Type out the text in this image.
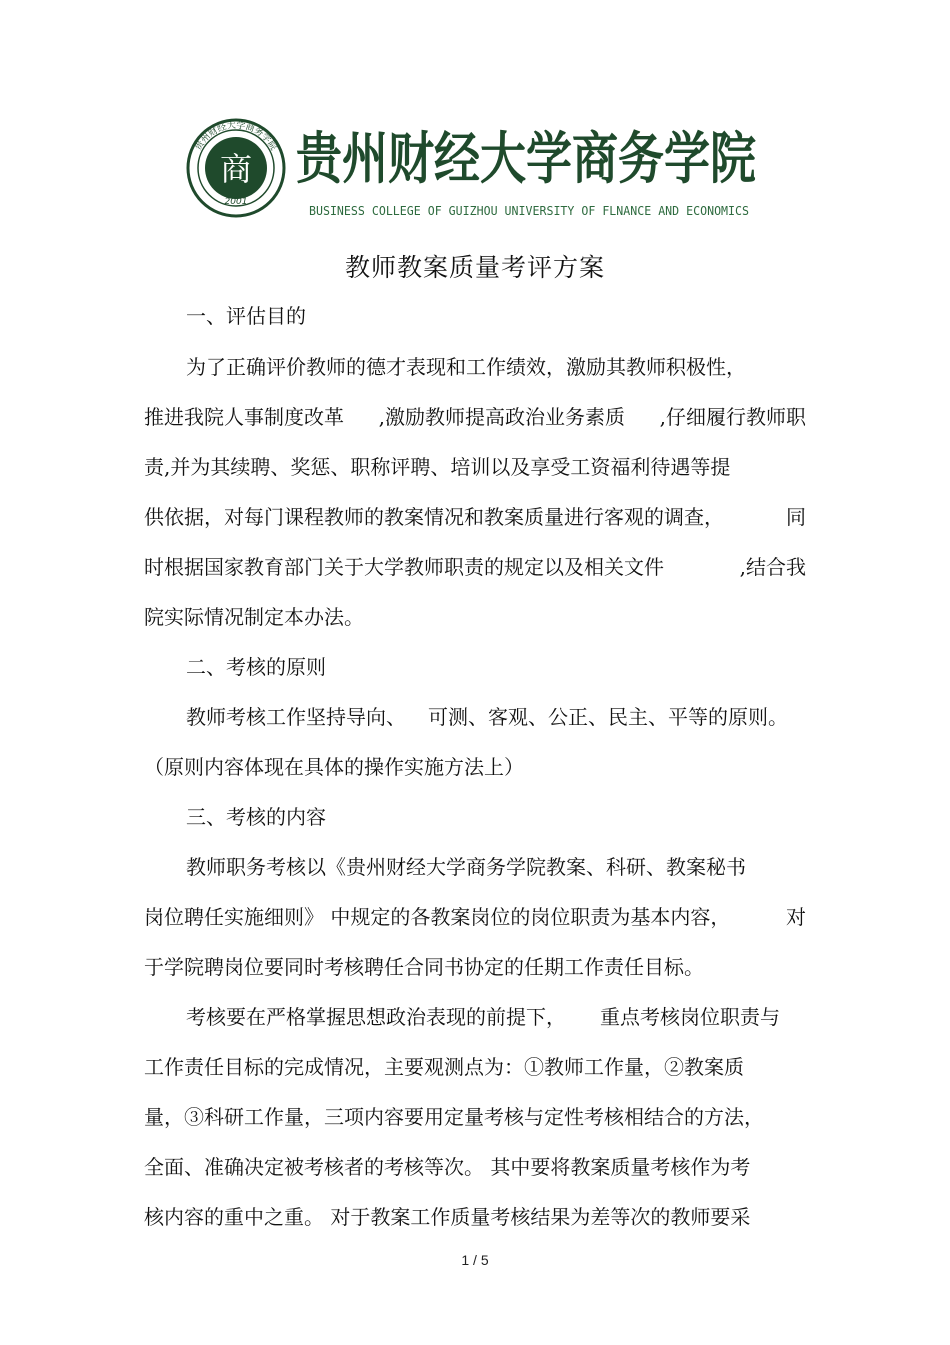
商
2001
贵州财经大学商务学院 贵州财经大学商务学院
BUSINESS COLLEGE OF GUIZHOU UNIVERSITY OF FLNANCE AND ECONOMICS
教师教案质量考评方案
一、评估目的
为了正确评价教师的德才表现和工作绩效，激励其教师积极性，
推进我院人事制度改革 ,激励教师提高政治业务素质 ,仔细履行教师职
责,并为其续聘、奖惩、职称评聘、培训以及享受工资福利待遇等提
供依据，对每门课程教师的教案情况和教案质量进行客观的调查，	同
时根据国家教育部门关于大学教师职责的规定以及相关文件	,结合我
院实际情况制定本办法。
二、考核的原则
教师考核工作坚持导向、 可测、客观、公正、民主、平等的原则。
（原则内容体现在具体的操作实施方法上）
三、考核的内容
教师职务考核以《贵州财经大学商务学院教案、科研、教案秘书
岗位聘任实施细则》 中规定的各教案岗位的岗位职责为基本内容，	对
于学院聘岗位要同时考核聘任合同书协定的任期工作责任目标。
考核要在严格掌握思想政治表现的前提下， 重点考核岗位职责与
工作责任目标的完成情况，主要观测点为：①教师工作量，②教案质
量，③科研工作量，三项内容要用定量考核与定性考核相结合的方法，
全面、准确决定被考核者的考核等次。 其中要将教案质量考核作为考
核内容的重中之重。 对于教案工作质量考核结果为差等次的教师要采
1 / 5
